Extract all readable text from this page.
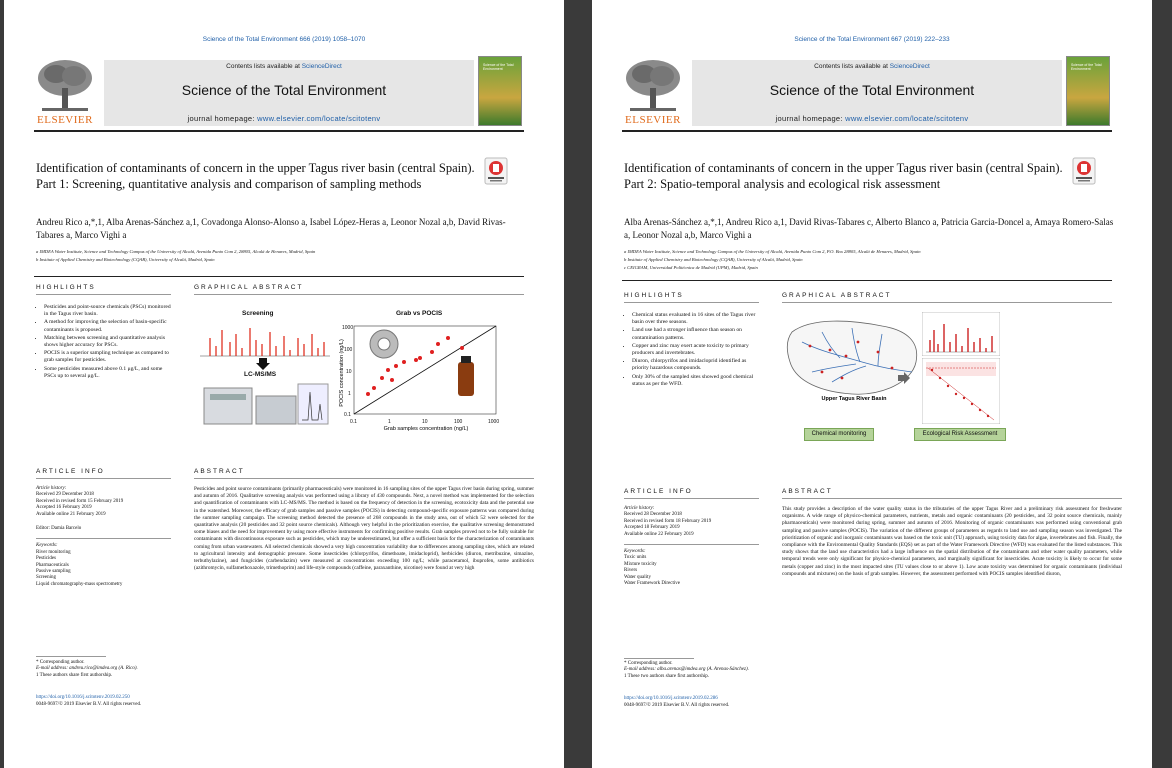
Science of the Total Environment 666 (2019) 1058–1070
ELSEVIER
Contents lists available at ScienceDirect
Science of the Total Environment
journal homepage: www.elsevier.com/locate/scitotenv
Science of the Total Environment
Identification of contaminants of concern in the upper Tagus river basin (central Spain). Part 1: Screening, quantitative analysis and comparison of sampling methods
Andreu Rico a,*,1, Alba Arenas-Sánchez a,1, Covadonga Alonso-Alonso a, Isabel López-Heras a, Leonor Nozal a,b, David Rivas-Tabares a, Marco Vighi a
a IMDEA Water Institute, Science and Technology Campus of the University of Alcalá, Avenida Punto Com 2, 28805, Alcalá de Henares, Madrid, Spain
b Institute of Applied Chemistry and Biotechnology (CQAB), University of Alcalá, Madrid, Spain
HIGHLIGHTS
• Pesticides and point-source chemicals (PSCs) monitored in the Tagus river basin.
• A method for improving the selection of basin-specific contaminants is proposed.
• Matching between screening and quantitative analysis shows higher accuracy for PSCs.
• POCIS is a superior sampling technique as compared to grab samples for pesticides.
• Some pesticides measured above 0.1 μg/L, and some PSCs up to several μg/L.
GRAPHICAL ABSTRACT
Screening
LC-MS/MS
Grab vs POCIS
POCIS concentration (ng/L)
1000
100
10
1
0.1
0.1	1	10	100	1000
Grab samples concentration (ng/L)
ARTICLE INFO
Article history:
Received 29 December 2018
Received in revised form 15 February 2019
Accepted 16 February 2019
Available online 21 February 2019
Editor: Damia Barcelo
Keywords:
River monitoring
Pesticides
Pharmaceuticals
Passive sampling
Screening
Liquid chromatography-mass spectrometry
ABSTRACT
Pesticides and point source contaminants (primarily pharmaceuticals) were monitored in 16 sampling sites of the upper Tagus river basin during spring, summer and autumn of 2016. Qualitative screening analysis was performed using a library of 430 compounds. Next, a novel method was implemented for the selection and quantification of contaminants with LC-MS/MS. The method is based on the frequency of detection in the screening, ecotoxicity data and the potential use in the watershed. Moreover, the efficacy of grab samples and passive samples (POCIS) in detecting compound-specific exposure patterns was compared during the summer sampling campaign. The screening method detected the presence of 268 compounds in the study area, out of which 52 were selected for the quantitative analysis (20 pesticides and 32 point source chemicals). Although very helpful in the prioritization exercise, the qualitative screening demonstrated some biases and the need for improvement by using more effective instruments for confirming positive results. Grab samples proved not to be fully suitable for contaminants with discontinuous exposure such as pesticides, which may be underestimated, but offer a sufficient basis for the characterization of contaminants coming from urban wastewaters. All selected chemicals showed a very high concentration variability due to differences among sampling sites, which are related to agricultural intensity and demographic pressure. Some insecticides (chlorpyrifos, dimethoate, imidacloprid), herbicides (diuron, metribuzine, simazine, terbuthylazine), and fungicides (carbendazim) were measured at concentrations exceeding 100 ng/L; while paracetamol, ibuprofen, some antibiotics (azithromycin, sulfamethoxazole, trimethoprim) and life-style compounds (caffeine, paraxanthine, nicotine) were found at very high
* Corresponding author.
E-mail address: andreu.rico@imdea.org (A. Rico).
1 These authors share first authorship.
https://doi.org/10.1016/j.scitotenv.2019.02.250
0048-9697/© 2019 Elsevier B.V. All rights reserved.
Science of the Total Environment 667 (2019) 222–233
ELSEVIER
Contents lists available at ScienceDirect
Science of the Total Environment
journal homepage: www.elsevier.com/locate/scitotenv
Science of the Total Environment
Identification of contaminants of concern in the upper Tagus river basin (central Spain). Part 2: Spatio-temporal analysis and ecological risk assessment
Alba Arenas-Sánchez a,*,1, Andreu Rico a,1, David Rivas-Tabares c, Alberto Blanco a, Patricia Garcia-Doncel a, Amaya Romero-Salas a, Leonor Nozal a,b, Marco Vighi a
a IMDEA Water Institute, Science and Technology Campus of the University of Alcalá, Avenida Punto Com 2, P.O. Box 28805, Alcalá de Henares, Madrid, Spain
b Institute of Applied Chemistry and Biotechnology (CQAB), University of Alcalá, Madrid, Spain
c CEIGRAM, Universidad Politécnica de Madrid (UPM), Madrid, Spain
HIGHLIGHTS
• Chemical status evaluated in 16 sites of the Tagus river basin over three seasons.
• Land use had a stronger influence than season on contamination patterns.
• Copper and zinc may exert acute toxicity to primary producers and invertebrates.
• Diuron, chlorpyrifos and imidacloprid identified as priority hazardous compounds.
• Only 30% of the sampled sites showed good chemical status as per the WFD.
GRAPHICAL ABSTRACT
Upper Tagus River Basin
Chemical monitoring	Ecological Risk Assessment
ARTICLE INFO
Article history:
Received 28 December 2018
Received in revised form 18 February 2019
Accepted 18 February 2019
Available online 22 February 2019
Keywords:
Toxic units
Mixture toxicity
Rivers
Water quality
Water Framework Directive
ABSTRACT
This study provides a description of the water quality status in the tributaries of the upper Tagus River and a preliminary risk assessment for freshwater organisms. A wide range of physico-chemical parameters, nutrients, metals and organic contaminants (20 pesticides, and 32 point source chemicals, mainly pharmaceuticals) were monitored during spring, summer and autumn of 2016. Monitoring of organic contaminants was performed using conventional grab sampling and passive samples (POCIS). The variation of the different groups of parameters as regards to land use and sampling season was investigated. The prioritization of organic and inorganic contaminants was based on the toxic unit (TU) approach, using toxicity data for algae, invertebrates and fish. Finally, the compliance with the Environmental Quality Standards (EQS) set as part of the Water Framework Directive (WFD) was evaluated for the listed substances. This study shows that the land use characteristics had a large influence on the spatial distribution of the contaminants and other water quality parameters, while temporal trends were only significant for physico-chemical parameters, and marginally significant for insecticides. Acute toxicity is likely to occur for some metals (copper and zinc) in the most impacted sites (TU values close to or above 1). Low acute toxicity was determined for organic contaminants (individual compounds and mixtures) on the basis of grab samples. However, the assessment performed with POCIS samples identified diuron,
* Corresponding author.
E-mail address: alba.arenas@imdea.org (A. Arenas-Sánchez).
1 These two authors share first authorship.
https://doi.org/10.1016/j.scitotenv.2019.02.286
0048-9697/© 2019 Elsevier B.V. All rights reserved.
